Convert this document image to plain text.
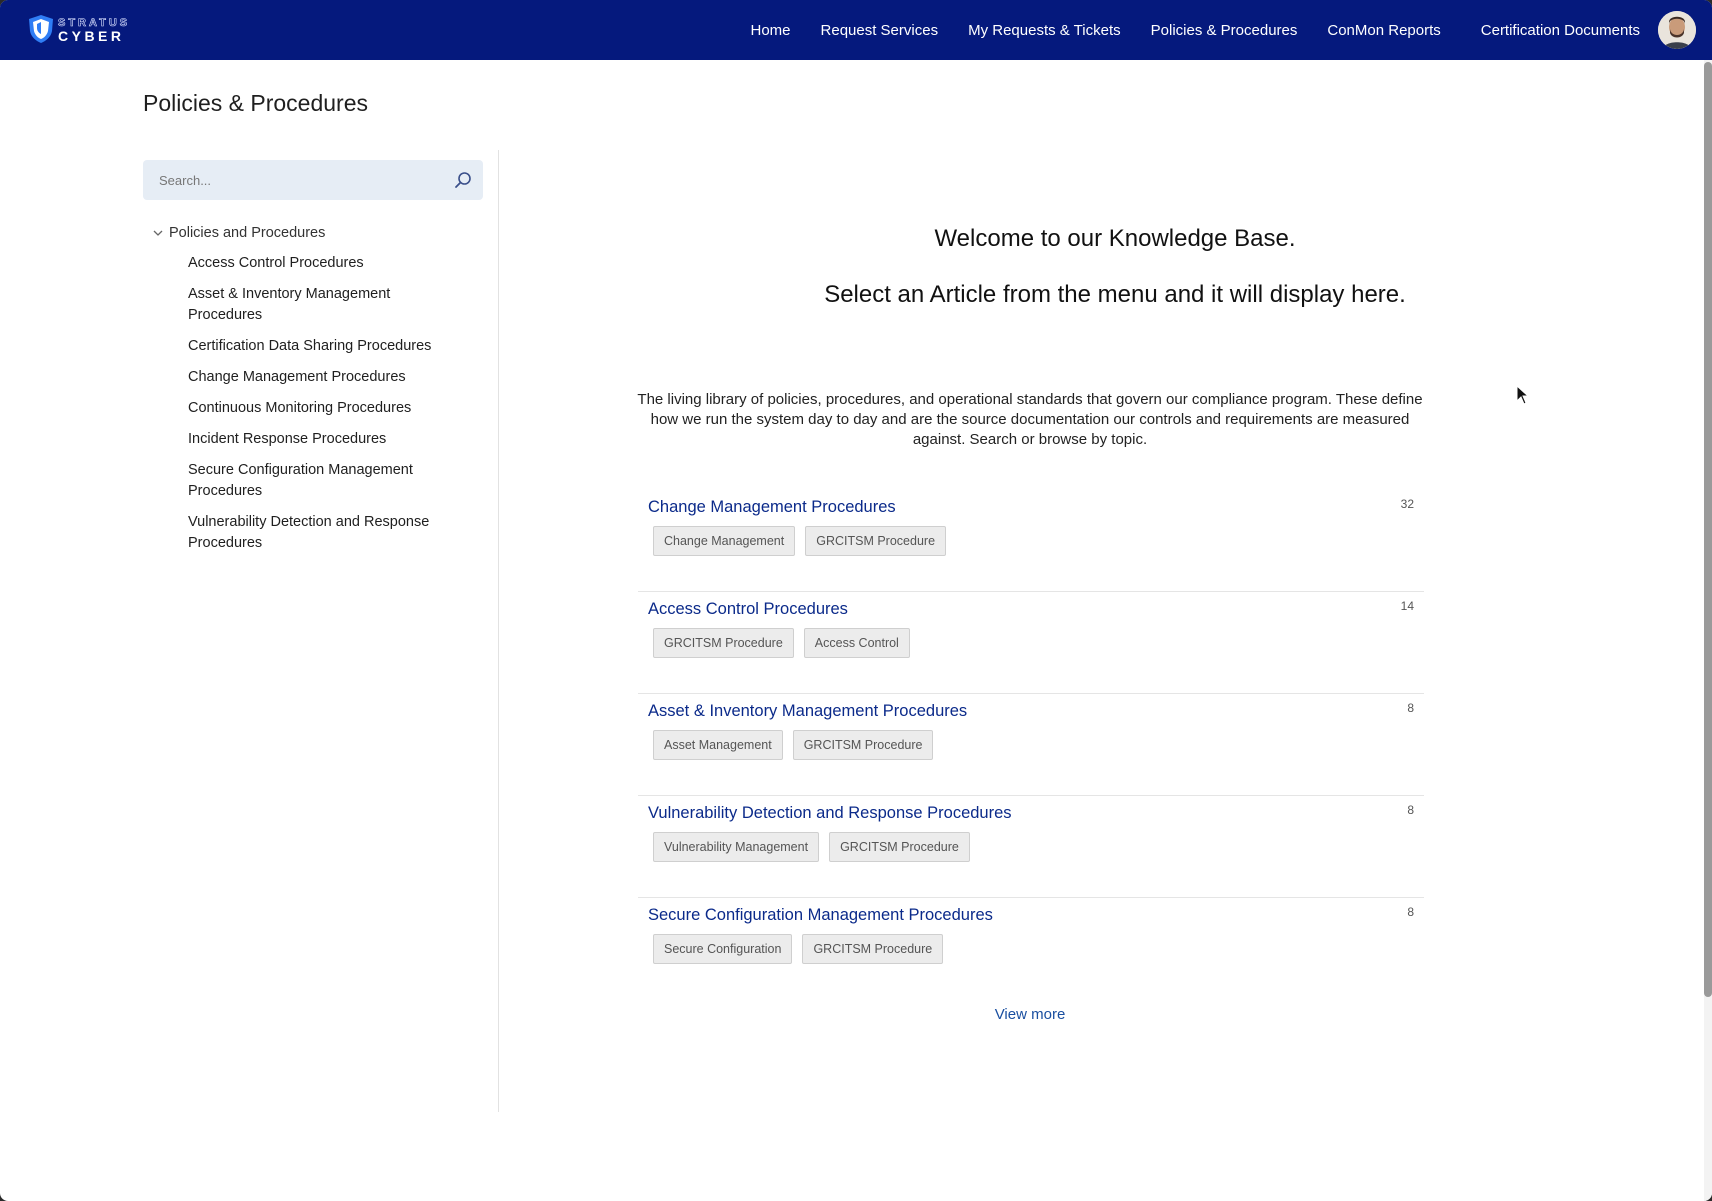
STRATUS
CYBER	Home Request Services My Requests & Tickets Policies & Procedures ConMon Reports	Certification Documents
Policies & Procedures
Search...
Policies and Procedures
Access Control Procedures
Asset & Inventory Management Procedures
Certification Data Sharing Procedures
Change Management Procedures
Continuous Monitoring Procedures
Incident Response Procedures
Secure Configuration Management Procedures
Vulnerability Detection and Response Procedures
Welcome to our Knowledge Base.
Select an Article from the menu and it will display here.

The living library of policies, procedures, and operational standards that govern our compliance program. These define how we run the system day to day and are the source documentation our controls and requirements are measured against. Search or browse by topic.

Change Management Procedures	32
Change Management	GRCITSM Procedure
Access Control Procedures	14
GRCITSM Procedure	Access Control
Asset & Inventory Management Procedures	8
Asset Management	GRCITSM Procedure
Vulnerability Detection and Response Procedures	8
Vulnerability Management	GRCITSM Procedure
Secure Configuration Management Procedures	8
Secure Configuration	GRCITSM Procedure
View more
